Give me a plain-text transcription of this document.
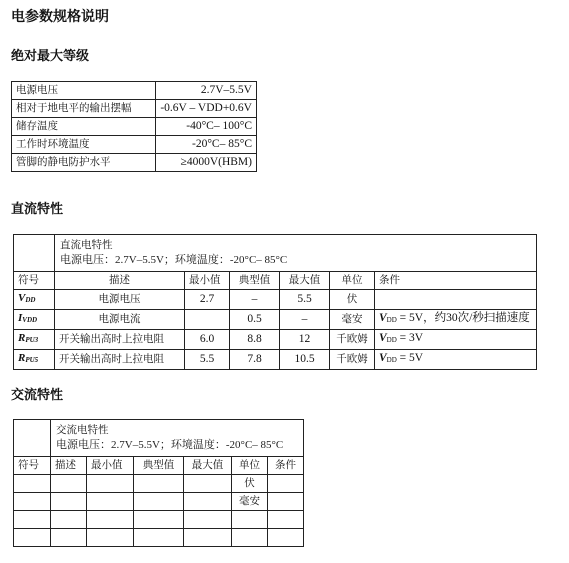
电参数规格说明
绝对最大等级
电源电压	2.7V–5.5V
相对于地电平的输出摆幅	-0.6V – VDD+0.6V
储存温度	-40°C– 100°C
工作时环境温度	-20°C– 85°C
管脚的静电防护水平	≥4000V(HBM)
直流特性

	直流电特性
电源电压：2.7V–5.5V；环境温度：-20°C– 85°C					

符号	描述	最小值	典型值	最大值	单位	条件
$V_{DD}$	电源电压	2.7	–	5.5	伏	
$I_{VDD}$	电源电流		0.5	–	毫安	$V_{DD} = 5V$，约30次/秒扫描速度
$R_{PU3}$	开关输出高时上拉电阻	6.0	8.8	12	千欧姆	$V_{DD} = 3V$
$R_{PU5}$	开关输出高时上拉电阻	5.5	7.8	10.5	千欧姆	$V_{DD} = 5V$
交流特性

	交流电特性
电源电压：2.7V–5.5V；环境温度：-20°C– 85°C					

符号	描述	最小值	典型值	最大值	单位	条件
					伏	
					毫安	
